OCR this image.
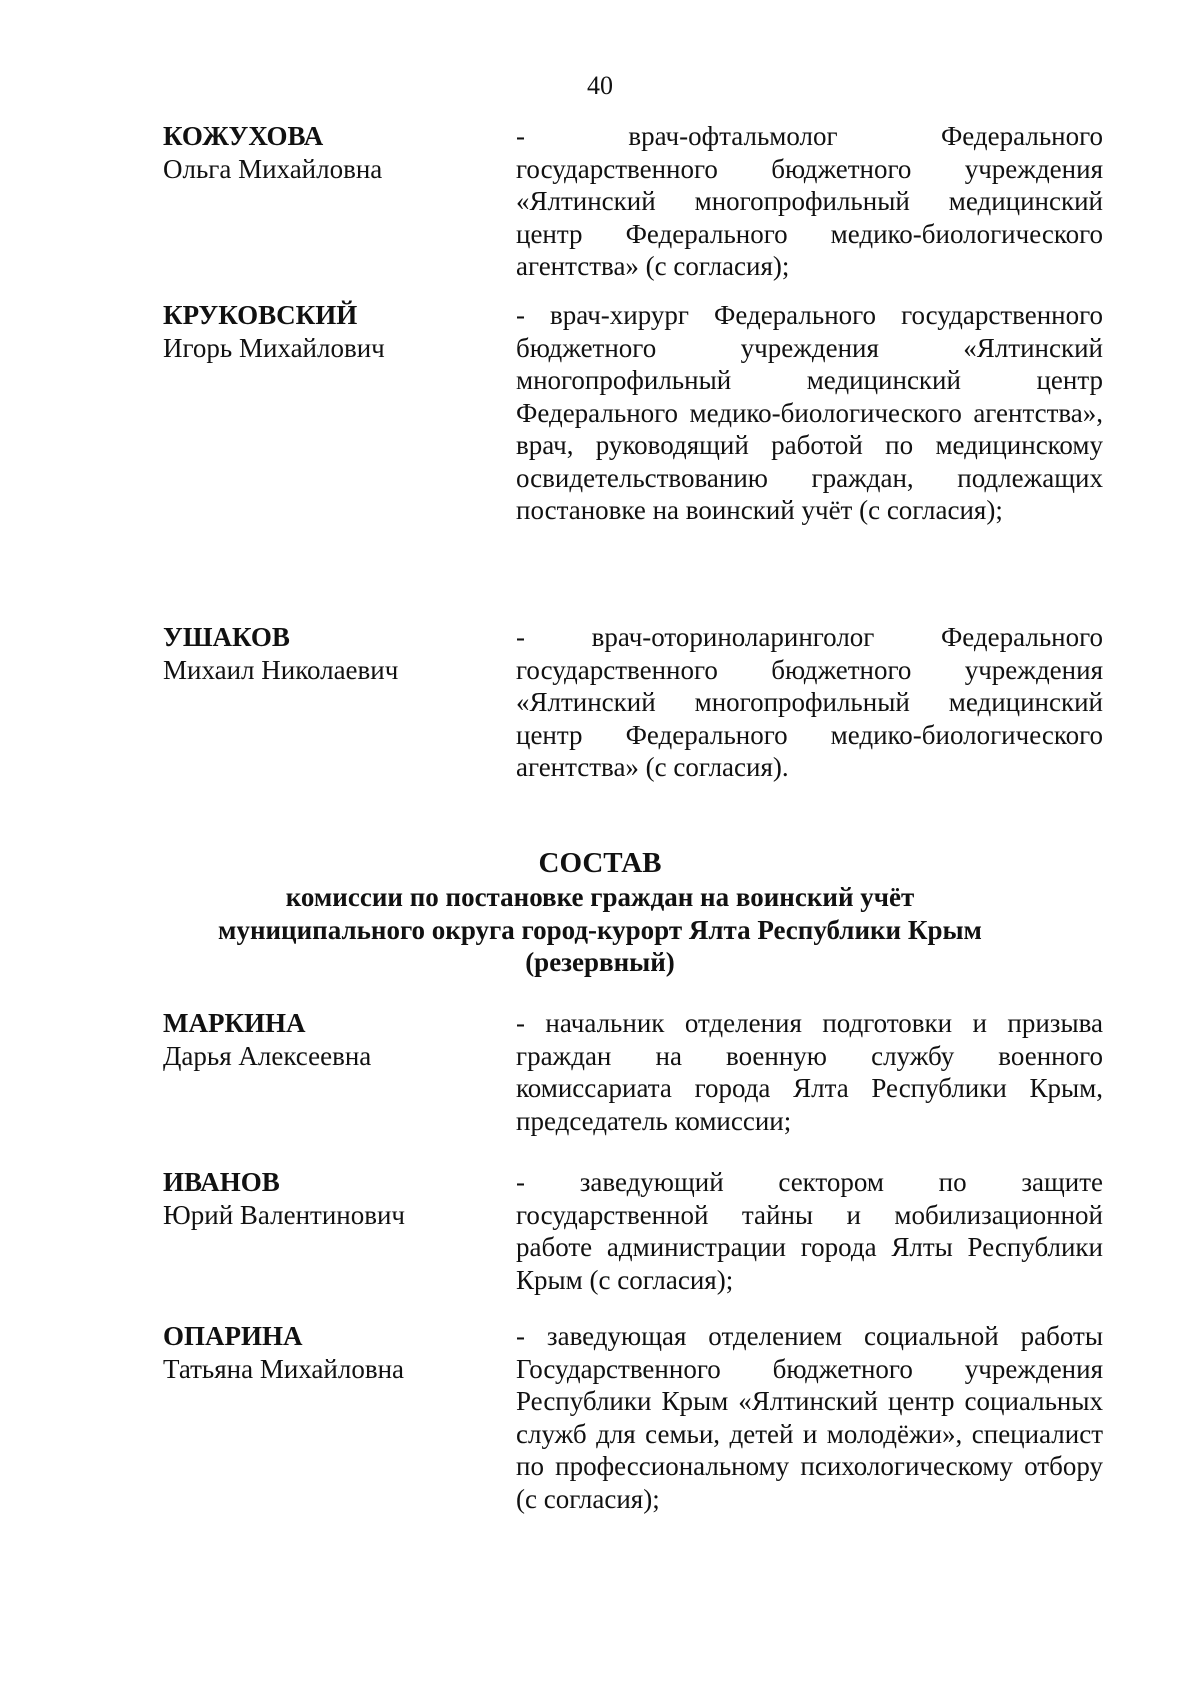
40
КОЖУХОВА
Ольга Михайловна
- врач-офтальмолог Федерального государственного бюджетного учреждения «Ялтинский многопрофильный медицинский центр Федерального медико-биологического агентства» (с согласия);
КРУКОВСКИЙ
Игорь Михайлович
- врач-хирург Федерального государственного бюджетного учреждения «Ялтинский многопрофильный медицинский центр Федерального медико-биологического агентства», врач, руководящий работой по медицинскому освидетельствованию граждан, подлежащих постановке на воинский учёт (с согласия);
УШАКОВ
Михаил Николаевич
- врач-оториноларинголог Федерального государственного бюджетного учреждения «Ялтинский многопрофильный медицинский центр Федерального медико-биологического агентства» (с согласия).
СОСТАВ
комиссии по постановке граждан на воинский учёт
муниципального округа город-курорт Ялта Республики Крым
(резервный)
МАРКИНА
Дарья Алексеевна
- начальник отделения подготовки и призыва граждан на военную службу военного комиссариата города Ялта Республики Крым, председатель комиссии;
ИВАНОВ
Юрий Валентинович
- заведующий сектором по защите государственной тайны и мобилизационной работе администрации города Ялты Республики Крым (с согласия);
ОПАРИНА
Татьяна Михайловна
- заведующая отделением социальной работы Государственного бюджетного учреждения Республики Крым «Ялтинский центр социальных служб для семьи, детей и молодёжи», специалист по профессиональному психологическому отбору (с согласия);
